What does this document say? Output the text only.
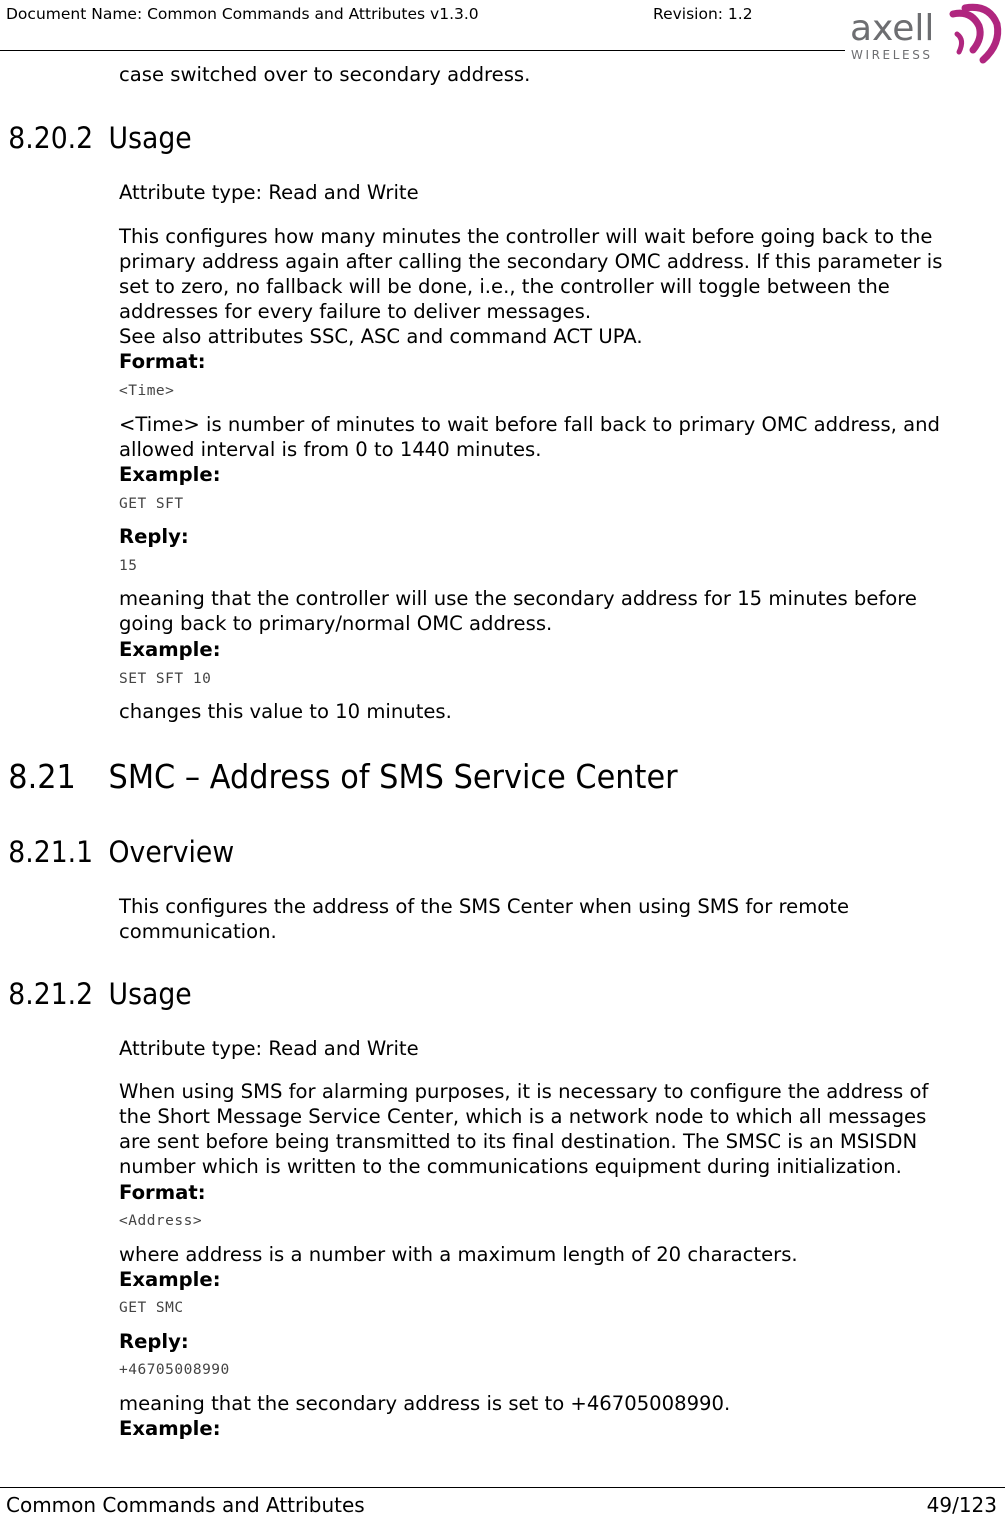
Document Name: Common Commands and Attributes v1.3.0	Revision: 1.2	axell
WIRELESS

case switched over to secondary address.

8.20.2 Usage

Attribute type: Read and Write

This configures how many minutes the controller will wait before going back to the

primary address again after calling the secondary OMC address. If this parameter is

set to zero, no fallback will be done, i.e., the controller will toggle between the

addresses for every failure to deliver messages.

See also attributes SSC, ASC and command ACT UPA.

Format:

<Time>

<Time> is number of minutes to wait before fall back to primary OMC address, and

allowed interval is from 0 to 1440 minutes.

Example:

GET SFT

Reply:

15

meaning that the controller will use the secondary address for 15 minutes before

going back to primary/normal OMC address.

Example:

SET SFT 10

changes this value to 10 minutes.

8.21 SMC – Address of SMS Service Center
8.21.1 Overview

This configures the address of the SMS Center when using SMS for remote

communication.

8.21.2 Usage

Attribute type: Read and Write

When using SMS for alarming purposes, it is necessary to configure the address of

the Short Message Service Center, which is a network node to which all messages

are sent before being transmitted to its final destination. The SMSC is an MSISDN

number which is written to the communications equipment during initialization.

Format:

<Address>

where address is a number with a maximum length of 20 characters.

Example:

GET SMC

Reply:

+46705008990

meaning that the secondary address is set to +46705008990.

Example:

Common Commands and Attributes	49/123
